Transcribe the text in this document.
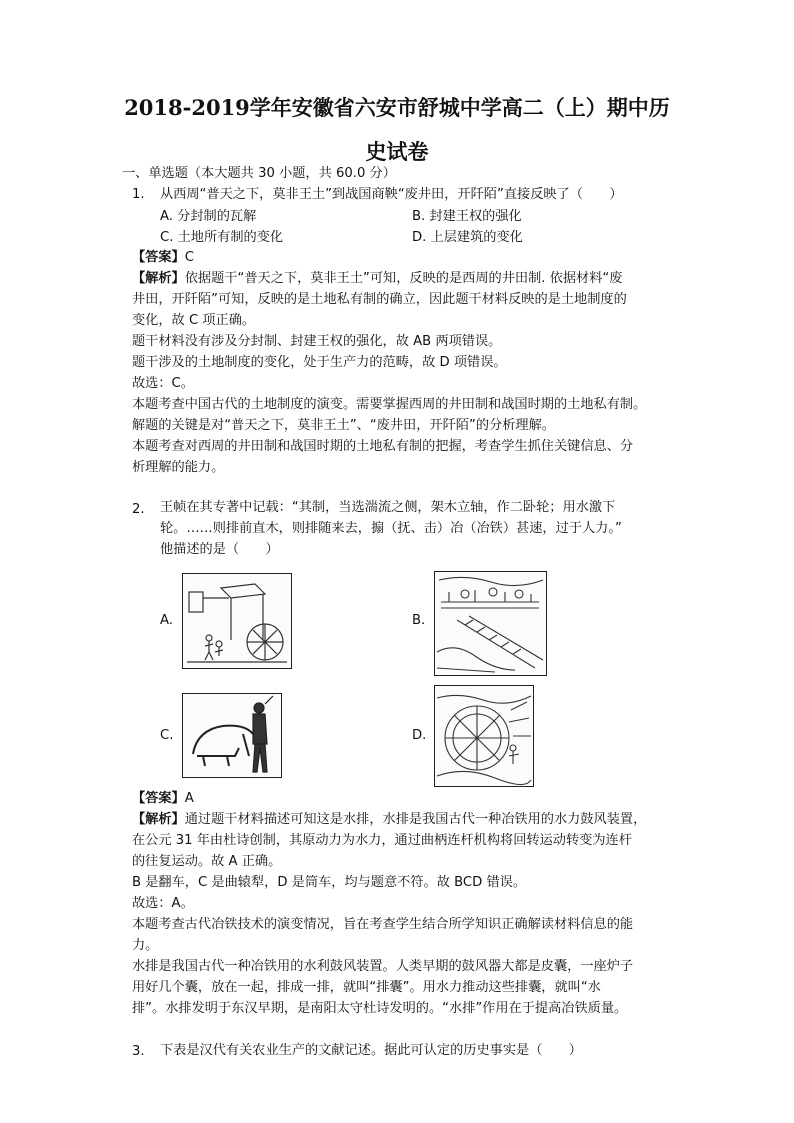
2018-2019学年安徽省六安市舒城中学高二（上）期中历
史试卷
一、单选题（本大题共 30 小题，共 60.0 分）
1. 从西周“普天之下，莫非王土”到战国商鞅“废井田，开阡陌”直接反映了（　　）
A. 分封制的瓦解	B. 封建王权的强化
C. 土地所有制的变化	D. 上层建筑的变化
【答案】C
【解析】依据题干“普天之下，莫非王土”可知，反映的是西周的井田制. 依据材料“废
井田，开阡陌”可知，反映的是土地私有制的确立，因此题干材料反映的是土地制度的
变化，故 C 项正确。
题干材料没有涉及分封制、封建王权的强化，故 AB 两项错误。
题干涉及的土地制度的变化，处于生产力的范畴，故 D 项错误。
故选：C。
本题考查中国古代的土地制度的演变。需要掌握西周的井田制和战国时期的土地私有制。
解题的关键是对“普天之下，莫非王土”、“废井田，开阡陌”的分析理解。
本题考查对西周的井田制和战国时期的土地私有制的把握，考查学生抓住关键信息、分
析理解的能力。
2. 王帧在其专著中记载：“其制，当选湍流之侧，架木立轴，作二卧轮；用水激下
轮。……则排前直木，则排随来去，搧（抚、击）冶（冶铁）甚速，过于人力。”
他描述的是（　　）
A.	B.
C.	D.
【答案】A
【解析】通过题干材料描述可知这是水排，水排是我国古代一种冶铁用的水力鼓风装置，
在公元 31 年由杜诗创制，其原动力为水力，通过曲柄连杆机构将回转运动转变为连杆
的往复运动。故 A 正确。
B 是翻车，C 是曲辕犁，D 是筒车，均与题意不符。故 BCD 错误。
故选：A。
本题考查古代冶铁技术的演变情况，旨在考查学生结合所学知识正确解读材料信息的能
力。
水排是我国古代一种冶铁用的水利鼓风装置。人类早期的鼓风器大都是皮囊，一座炉子
用好几个囊，放在一起，排成一排，就叫“排囊”。用水力推动这些排囊，就叫“水
排”。水排发明于东汉早期，是南阳太守杜诗发明的。“水排”作用在于提高冶铁质量。
3. 下表是汉代有关农业生产的文献记述。据此可认定的历史事实是（　　）
